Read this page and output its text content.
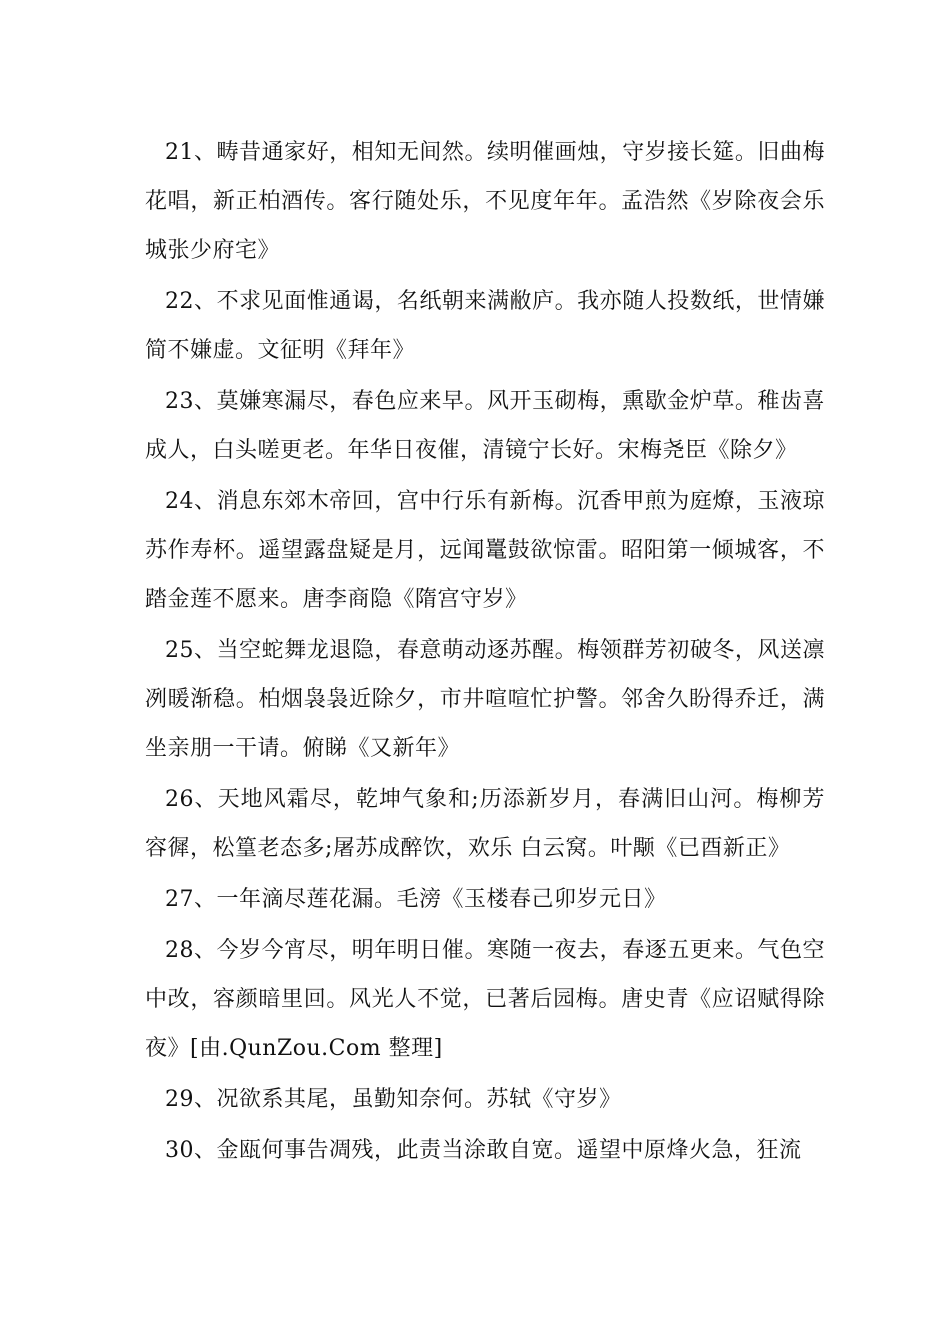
21、畴昔通家好，相知无间然。续明催画烛，守岁接长筵。旧曲梅花唱，新正柏酒传。客行随处乐，不见度年年。孟浩然《岁除夜会乐城张少府宅》

22、不求见面惟通谒，名纸朝来满敝庐。我亦随人投数纸，世情嫌简不嫌虚。文征明《拜年》

23、莫嫌寒漏尽，春色应来早。风开玉砌梅，熏歇金炉草。稚齿喜成人，白头嗟更老。年华日夜催，清镜宁长好。宋梅尧臣《除夕》

24、消息东郊木帝回，宫中行乐有新梅。沉香甲煎为庭燎，玉液琼苏作寿杯。遥望露盘疑是月，远闻鼍鼓欲惊雷。昭阳第一倾城客，不踏金莲不愿来。唐李商隐《隋宫守岁》

25、当空蛇舞龙退隐，春意萌动逐苏醒。梅领群芳初破冬，风送凛冽暖渐稳。柏烟袅袅近除夕，市井喧喧忙护警。邻舍久盼得乔迁，满坐亲朋一干请。俯睇《又新年》

26、天地风霜尽，乾坤气象和;历添新岁月，春满旧山河。梅柳芳容徲，松篁老态多;屠苏成醉饮，欢乐 白云窝。叶颙《已酉新正》

27、一年滴尽莲花漏。毛滂《玉楼春己卯岁元日》

28、今岁今宵尽，明年明日催。寒随一夜去，春逐五更来。气色空中改，容颜暗里回。风光人不觉，已著后园梅。唐史青《应诏赋得除夜》[由.QunZou.Com 整理]

29、况欲系其尾，虽勤知奈何。苏轼《守岁》

30、金瓯何事告凋残，此责当涂敢自宽。遥望中原烽火急，狂流
